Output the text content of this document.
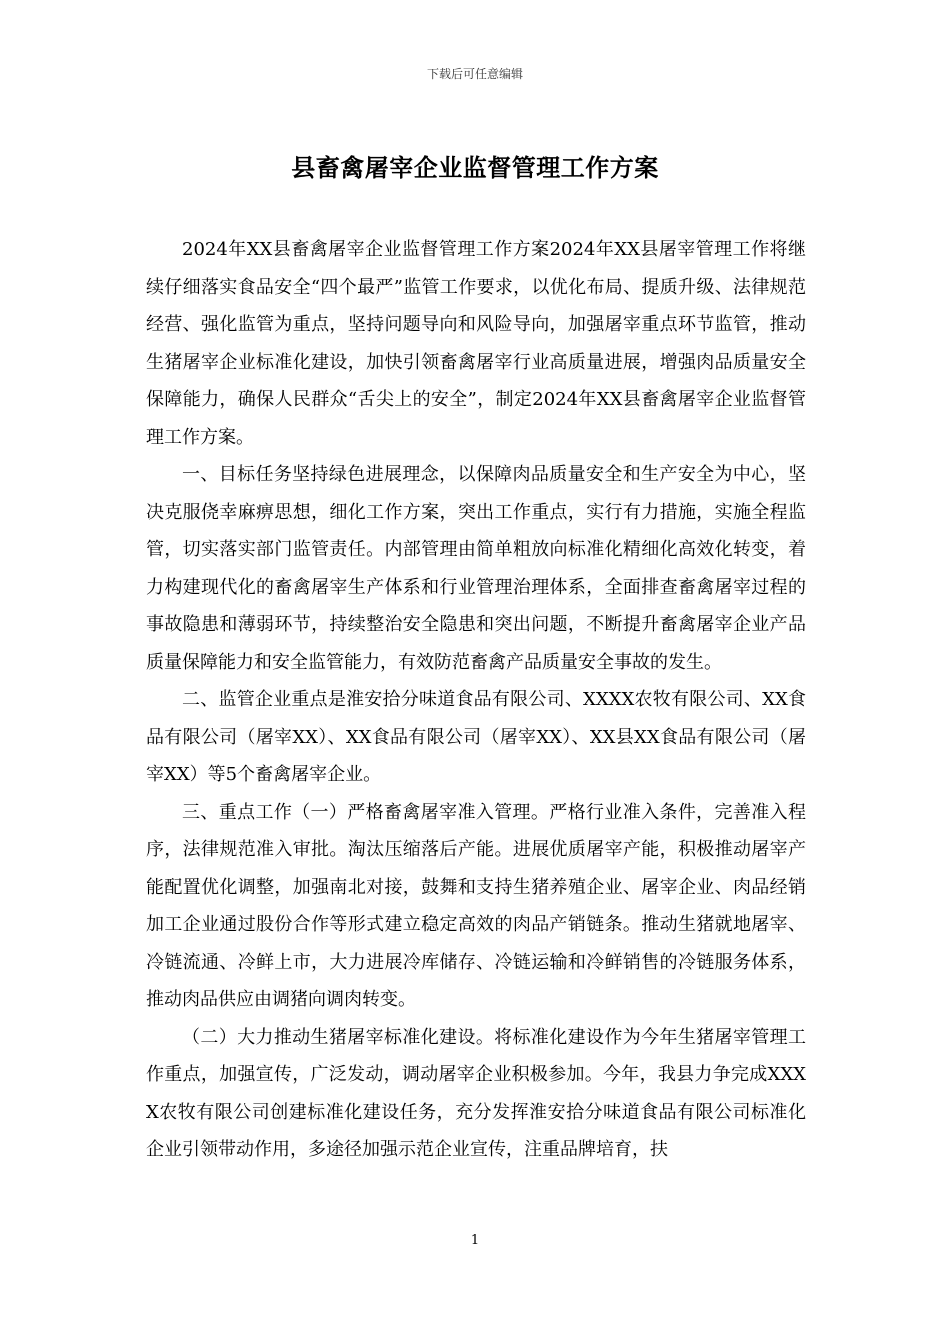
下载后可任意编辑
县畜禽屠宰企业监督管理工作方案

2024年XX县畜禽屠宰企业监督管理工作方案2024年XX县屠宰管理工作将继续仔细落实食品安全“四个最严”监管工作要求，以优化布局、提质升级、法律规范经营、强化监管为重点，坚持问题导向和风险导向，加强屠宰重点环节监管，推动生猪屠宰企业标准化建设，加快引领畜禽屠宰行业高质量进展，增强肉品质量安全保障能力，确保人民群众“舌尖上的安全”，制定2024年XX县畜禽屠宰企业监督管理工作方案。

一、目标任务坚持绿色进展理念，以保障肉品质量安全和生产安全为中心，坚决克服侥幸麻痹思想，细化工作方案，突出工作重点，实行有力措施，实施全程监管，切实落实部门监管责任。内部管理由简单粗放向标准化精细化高效化转变，着力构建现代化的畜禽屠宰生产体系和行业管理治理体系，全面排查畜禽屠宰过程的事故隐患和薄弱环节，持续整治安全隐患和突出问题，不断提升畜禽屠宰企业产品质量保障能力和安全监管能力，有效防范畜禽产品质量安全事故的发生。

二、监管企业重点是淮安拾分味道食品有限公司、XXXX农牧有限公司、XX食品有限公司（屠宰XX）、XX食品有限公司（屠宰XX）、XX县XX食品有限公司（屠宰XX）等5个畜禽屠宰企业。

三、重点工作（一）严格畜禽屠宰准入管理。严格行业准入条件，完善准入程序，法律规范准入审批。淘汰压缩落后产能。进展优质屠宰产能，积极推动屠宰产能配置优化调整，加强南北对接，鼓舞和支持生猪养殖企业、屠宰企业、肉品经销加工企业通过股份合作等形式建立稳定高效的肉品产销链条。推动生猪就地屠宰、冷链流通、冷鲜上市，大力进展冷库储存、冷链运输和冷鲜销售的冷链服务体系，推动肉品供应由调猪向调肉转变。

（二）大力推动生猪屠宰标准化建设。将标准化建设作为今年生猪屠宰管理工作重点，加强宣传，广泛发动，调动屠宰企业积极参加。今年，我县力争完成XXXX农牧有限公司创建标准化建设任务，充分发挥淮安拾分味道食品有限公司标准化企业引领带动作用，多途径加强示范企业宣传，注重品牌培育，扶

1
